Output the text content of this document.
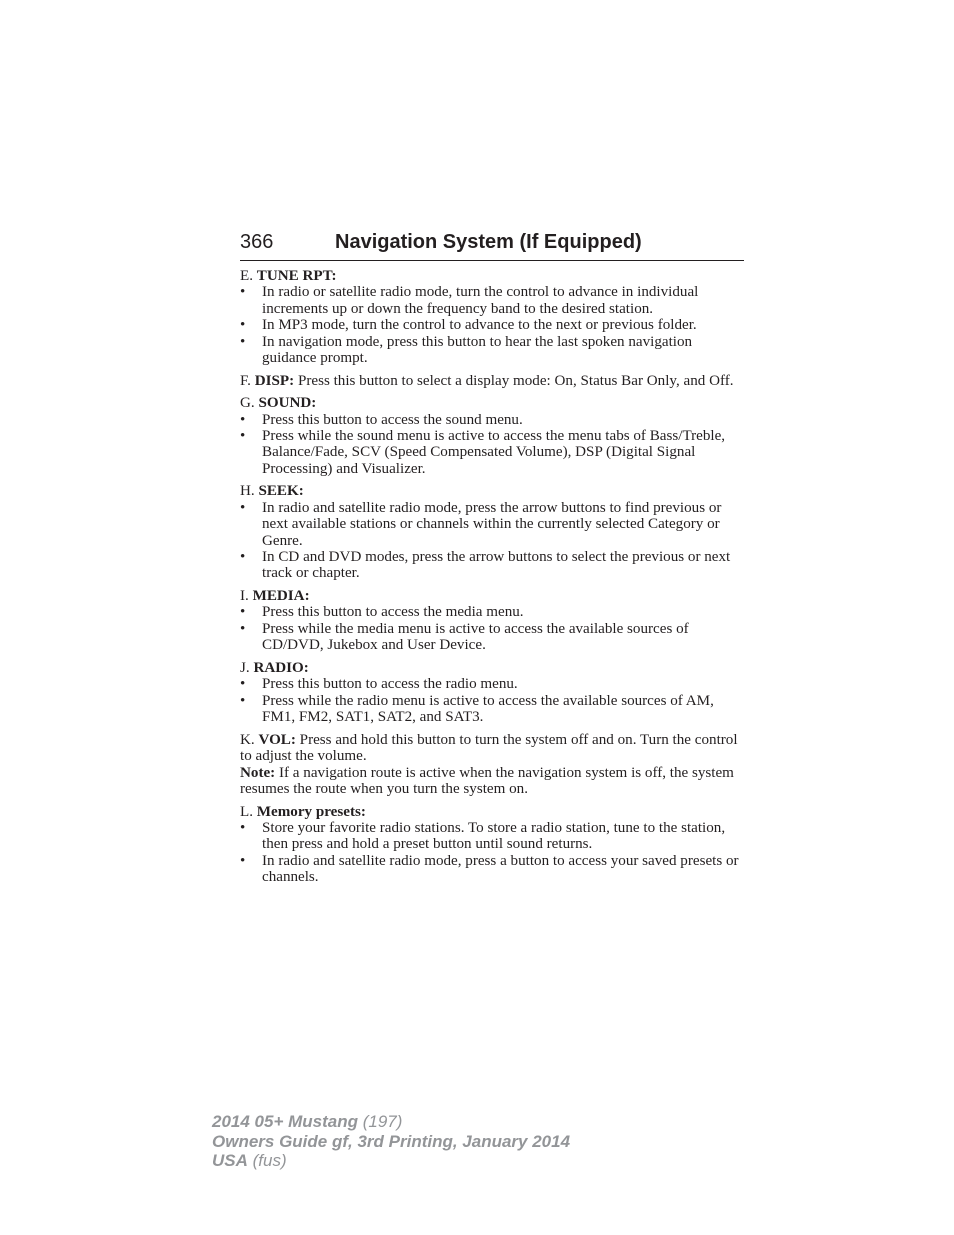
366	Navigation System (If Equipped)

E. TUNE RPT:

•	In radio or satellite radio mode, turn the control to advance in individual increments up or down the frequency band to the desired station.
•	In MP3 mode, turn the control to advance to the next or previous folder.
•	In navigation mode, press this button to hear the last spoken navigation guidance prompt.

F. DISP: Press this button to select a display mode: On, Status Bar Only, and Off.

G. SOUND:

•	Press this button to access the sound menu.
•	Press while the sound menu is active to access the menu tabs of Bass/Treble, Balance/Fade, SCV (Speed Compensated Volume), DSP (Digital Signal Processing) and Visualizer.

H. SEEK:

•	In radio and satellite radio mode, press the arrow buttons to find previous or next available stations or channels within the currently selected Category or Genre.
•	In CD and DVD modes, press the arrow buttons to select the previous or next track or chapter.

I. MEDIA:

•	Press this button to access the media menu.
•	Press while the media menu is active to access the available sources of CD/DVD, Jukebox and User Device.

J. RADIO:

•	Press this button to access the radio menu.
•	Press while the radio menu is active to access the available sources of AM, FM1, FM2, SAT1, SAT2, and SAT3.

K. VOL: Press and hold this button to turn the system off and on. Turn the control to adjust the volume.

Note: If a navigation route is active when the navigation system is off, the system resumes the route when you turn the system on.

L. Memory presets:

•	Store your favorite radio stations. To store a radio station, tune to the station, then press and hold a preset button until sound returns.
•	In radio and satellite radio mode, press a button to access your saved presets or channels.
2014 05+ Mustang (197)
Owners Guide gf, 3rd Printing, January 2014
USA (fus)
